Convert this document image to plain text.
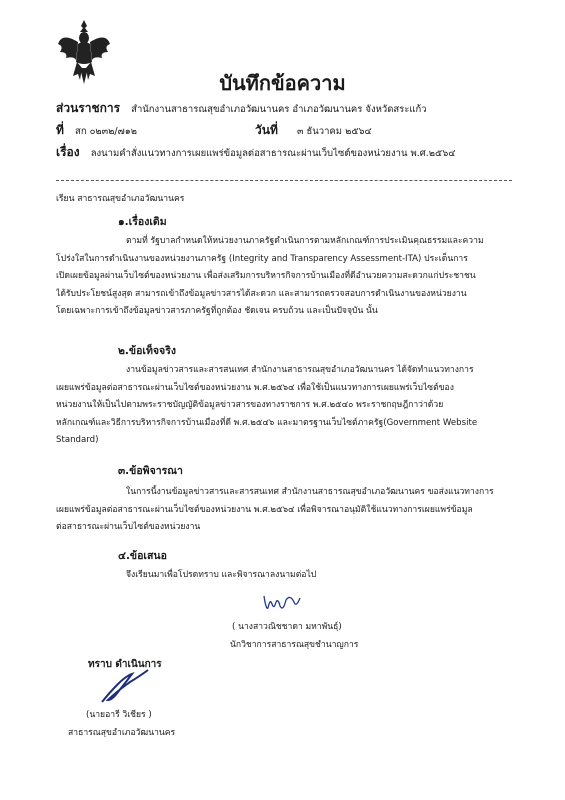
บันทึกข้อความ
ส่วนราชการ สำนักงานสาธารณสุขอำเภอวัฒนานคร อำเภอวัฒนานคร จังหวัดสระแก้ว
ที่ สก ๐๒๓๒/๗๑๒	วันที่ ๓ ธันวาคม ๒๕๖๔
เรื่อง ลงนามคำสั่งแนวทางการเผยแพร่ข้อมูลต่อสาธารณะผ่านเว็บไซต์ของหน่วยงาน พ.ศ.๒๕๖๔
เรียน สาธารณสุขอำเภอวัฒนานคร
๑.เรื่องเดิม

ตามที่ รัฐบาลกำหนดให้หน่วยงานภาครัฐดำเนินการตามหลักเกณฑ์การประเมินคุณธรรมและความ

โปร่งใสในการดำเนินงานของหน่วยงานภาครัฐ (Integrity and Transparency Assessment-ITA) ประเด็นการ

เปิดเผยข้อมูลผ่านเว็บไซต์ของหน่วยงาน เพื่อส่งเสริมการบริหารกิจการบ้านเมืองที่ดีอำนวยความสะดวกแก่ประชาชน

ได้รับประโยชน์สูงสุด สามารถเข้าถึงข้อมูลข่าวสารได้สะดวก และสามารถตรวจสอบการดำเนินงานของหน่วยงาน

โดยเฉพาะการเข้าถึงข้อมูลข่าวสารภาครัฐที่ถูกต้อง ชัดเจน ครบถ้วน และเป็นปัจจุบัน นั้น

๒.ข้อเท็จจริง

งานข้อมูลข่าวสารและสารสนเทศ สำนักงานสาธารณสุขอำเภอวัฒนานคร ได้จัดทำแนวทางการ

เผยแพร่ข้อมูลต่อสาธารณะผ่านเว็บไซต์ของหน่วยงาน พ.ศ.๒๕๖๔ เพื่อใช้เป็นแนวทางการเผยแพร่เว็บไซต์ของ

หน่วยงานให้เป็นไปตามพระราชบัญญัติข้อมูลข่าวสารของทางราชการ พ.ศ.๒๕๔๐ พระราชกฤษฎีกาว่าด้วย

หลักเกณฑ์และวิธีการบริหารกิจการบ้านเมืองที่ดี พ.ศ.๒๕๔๖ และมาตรฐานเว็บไซต์ภาครัฐ(Government Website

Standard)

๓.ข้อพิจารณา

ในการนี้งานข้อมูลข่าวสารและสารสนเทศ สำนักงานสาธารณสุขอำเภอวัฒนานคร ขอส่งแนวทางการ

เผยแพร่ข้อมูลต่อสาธารณะผ่านเว็บไซต์ของหน่วยงาน พ.ศ.๒๕๖๔ เพื่อพิจารณาอนุมัติใช้แนวทางการเผยแพร่ข้อมูล

ต่อสาธารณะผ่านเว็บไซต์ของหน่วยงาน

๔.ข้อเสนอ

จึงเรียนมาเพื่อโปรดทราบ และพิจารณาลงนามต่อไป

( นางสาวณิชชาดา มหาพันธ์ุ)
นักวิชาการสาธารณสุขชำนาญการ
ทราบ ดำเนินการ
(นายอารี วิเชียร )
สาธารณสุขอำเภอวัฒนานคร
